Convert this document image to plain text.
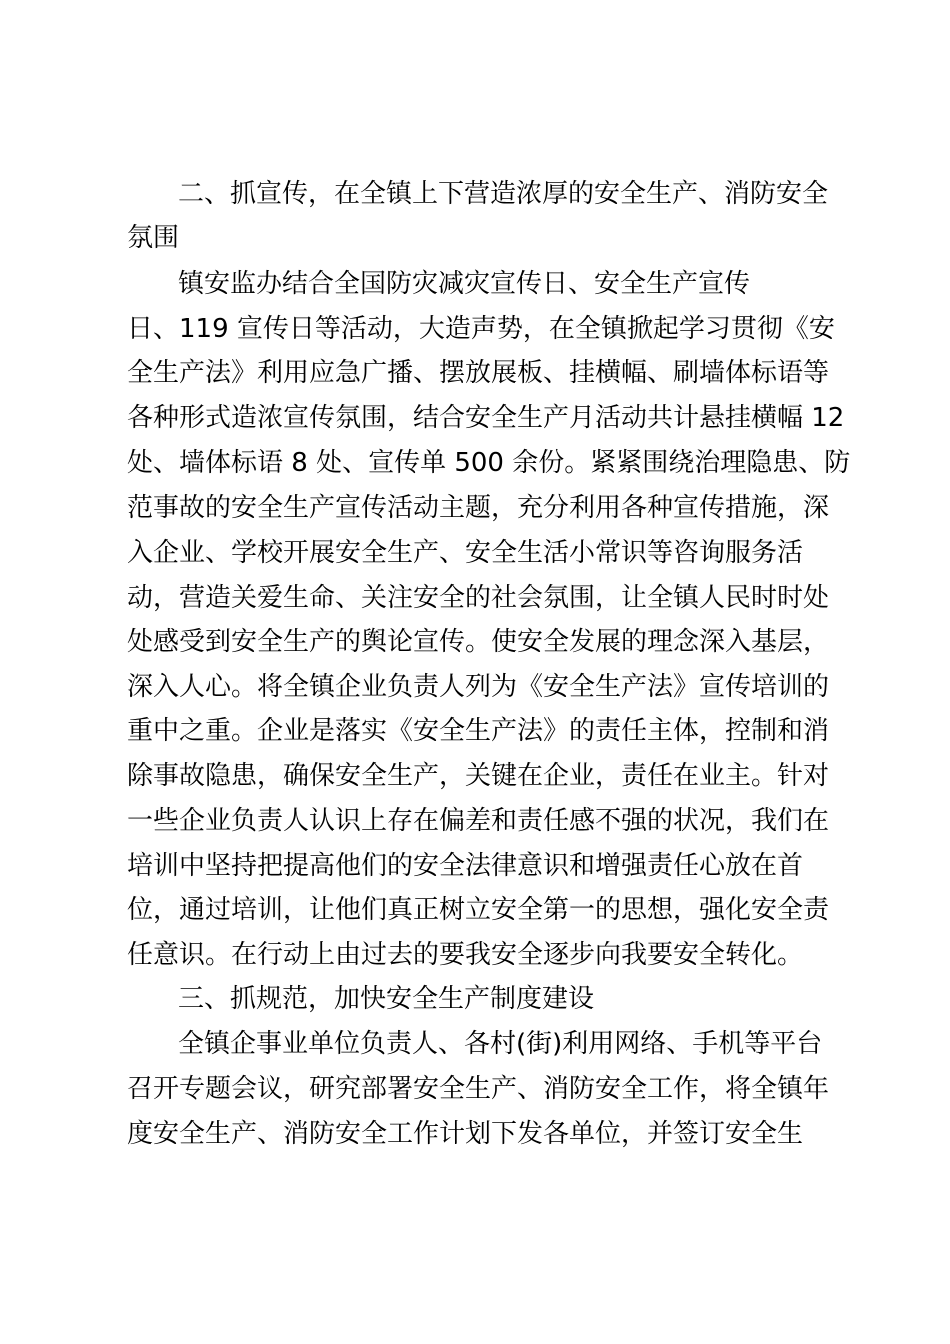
二、抓宣传，在全镇上下营造浓厚的安全生产、消防安全
氛围
镇安监办结合全国防灾减灾宣传日、安全生产宣传
日、119 宣传日等活动，大造声势，在全镇掀起学习贯彻《安
全生产法》利用应急广播、摆放展板、挂横幅、刷墙体标语等
各种形式造浓宣传氛围，结合安全生产月活动共计悬挂横幅 12
处、墙体标语 8 处、宣传单 500 余份。紧紧围绕治理隐患、防
范事故的安全生产宣传活动主题，充分利用各种宣传措施，深
入企业、学校开展安全生产、安全生活小常识等咨询服务活
动，营造关爱生命、关注安全的社会氛围，让全镇人民时时处
处感受到安全生产的舆论宣传。使安全发展的理念深入基层，
深入人心。将全镇企业负责人列为《安全生产法》宣传培训的
重中之重。企业是落实《安全生产法》的责任主体，控制和消
除事故隐患，确保安全生产，关键在企业，责任在业主。针对
一些企业负责人认识上存在偏差和责任感不强的状况，我们在
培训中坚持把提高他们的安全法律意识和增强责任心放在首
位，通过培训，让他们真正树立安全第一的思想，强化安全责
任意识。在行动上由过去的要我安全逐步向我要安全转化。
三、抓规范，加快安全生产制度建设
全镇企事业单位负责人、各村(街)利用网络、手机等平台
召开专题会议，研究部署安全生产、消防安全工作，将全镇年
度安全生产、消防安全工作计划下发各单位，并签订安全生
